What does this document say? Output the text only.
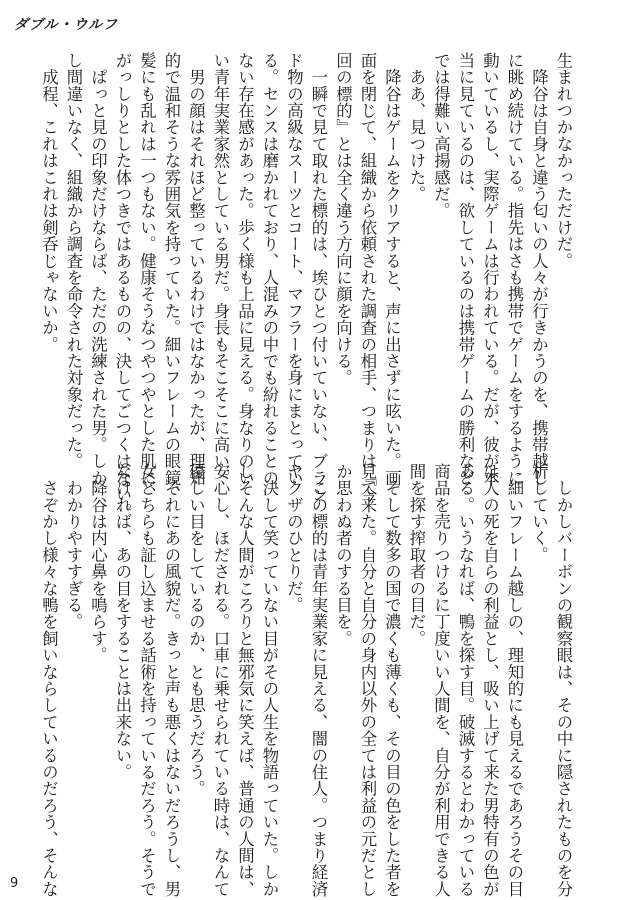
ダブル・ウルフ

生まれつかなかっただけだ。

　降谷は自身と違う匂いの人々が行きかうのを、携帯越し

に眺め続けている。指先はさも携帯でゲームをするように

動いているし、実際ゲームは行われている。だが、彼が本

当に見ているのは、欲しているのは携帯ゲームの勝利など

では得難い高揚感だ。

　ああ、見つけた。

　降谷はゲームをクリアすると、声に出さずに呟いた。画

面を閉じて、組織から依頼された調査の相手、つまりは『今

回の標的』とは全く違う方向に顔を向ける。

　一瞬で見て取れた標的は、埃ひとつ付いていない、ブラン

ド物の高級なスーツとコート、マフラーを身にまとってい

る。センスは磨かれており、人混みの中でも紛れることの

ない存在感があった。歩く様も上品に見える。身なりのい

い青年実業家然としている男だ。身長もそこそこに高い。

　男の顔はそれほど整っているわけではなかったが、理知

的で温和そうな雰囲気を持っていた。細いフレームの眼鏡、

髪にも乱れは一つもない。健康そうなつやつやとした肌に、

がっしりとした体つきではあるものの、決してごつくはない。

　ぱっと見の印象だけならば、ただの洗練された男。しか

し間違いなく、組織から調査を命令された対象だった。

　成程、これはこれは剣呑じゃないか。

　しかしバーボンの観察眼は、その中に隠されたものを分

析していく。

　細いフレーム越しの、理知的にも見えるであろうその目

は人の死を自らの利益とし、吸い上げて来た男特有の色が

ある。いうなれば、鴨を探す目。破滅するとわかっている

商品を売りつけるに丁度いい人間を、自分が利用できる人

間を探す搾取者の目だ。

　そして数多の国で濃くも薄くも、その目の色をした者を

見て来た。自分と自分の身内以外の全ては利益の元だとし

か思わぬ者のする目を。

　この標的は青年実業家に見える、闇の住人。つまり経済

ヤクザのひとりだ。

　決して笑っていない目がその人生を物語っていた。しか

しそんな人間がころりと無邪気に笑えば、普通の人間は、

安心し、ほだされる。口車に乗せられている時は、なんて

優しい目をしているのか、とも思うだろう。

　それにあの風貌だ。きっと声も悪くはないだろうし、男

女どちらも証し込ませる話術を持っているだろう。そうで

なければ、あの目をすることは出来ない。

　降谷は内心鼻を鳴らす。

　わかりやすすぎる。

　さぞかし様々な鴨を飼いならしているのだろう、そんな

9
